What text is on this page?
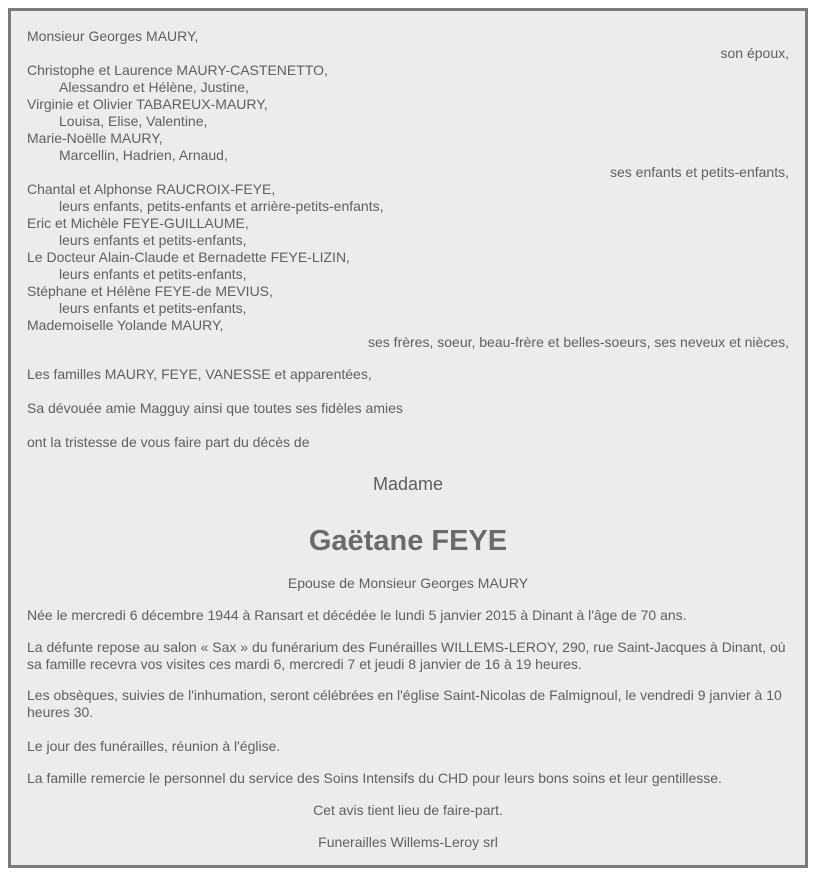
Monsieur Georges MAURY,
son époux,
Christophe et Laurence MAURY-CASTENETTO,
Alessandro et Hélène, Justine,
Virginie et Olivier TABAREUX-MAURY,
Louisa, Elise, Valentine,
Marie-Noëlle MAURY,
Marcellin, Hadrien, Arnaud,
ses enfants et petits-enfants,
Chantal et Alphonse RAUCROIX-FEYE,
leurs enfants, petits-enfants et arrière-petits-enfants,
Eric et Michèle FEYE-GUILLAUME,
leurs enfants et petits-enfants,
Le Docteur Alain-Claude et Bernadette FEYE-LIZIN,
leurs enfants et petits-enfants,
Stéphane et Hélène FEYE-de MEVIUS,
leurs enfants et petits-enfants,
Mademoiselle Yolande MAURY,
ses frères, soeur, beau-frère et belles-soeurs, ses neveux et nièces,
Les familles MAURY, FEYE, VANESSE et apparentées,
Sa dévouée amie Magguy ainsi que toutes ses fidèles amies
ont la tristesse de vous faire part du décès de
Madame
Gaëtane FEYE
Epouse de Monsieur Georges MAURY
Née le mercredi 6 décembre 1944 à Ransart et décédée le lundi 5 janvier 2015 à Dinant à l'âge de 70 ans.
La défunte repose au salon « Sax » du funérarium des Funérailles WILLEMS-LEROY, 290, rue Saint-Jacques à Dinant, où sa famille recevra vos visites ces mardi 6, mercredi 7 et jeudi 8 janvier de 16 à 19 heures.
Les obsèques, suivies de l'inhumation, seront célébrées en l'église Saint-Nicolas de Falmignoul, le vendredi 9 janvier à 10 heures 30.
Le jour des funérailles, réunion à l'église.
La famille remercie le personnel du service des Soins Intensifs du CHD pour leurs bons soins et leur gentillesse.
Cet avis tient lieu de faire-part.
Funerailles Willems-Leroy srl
